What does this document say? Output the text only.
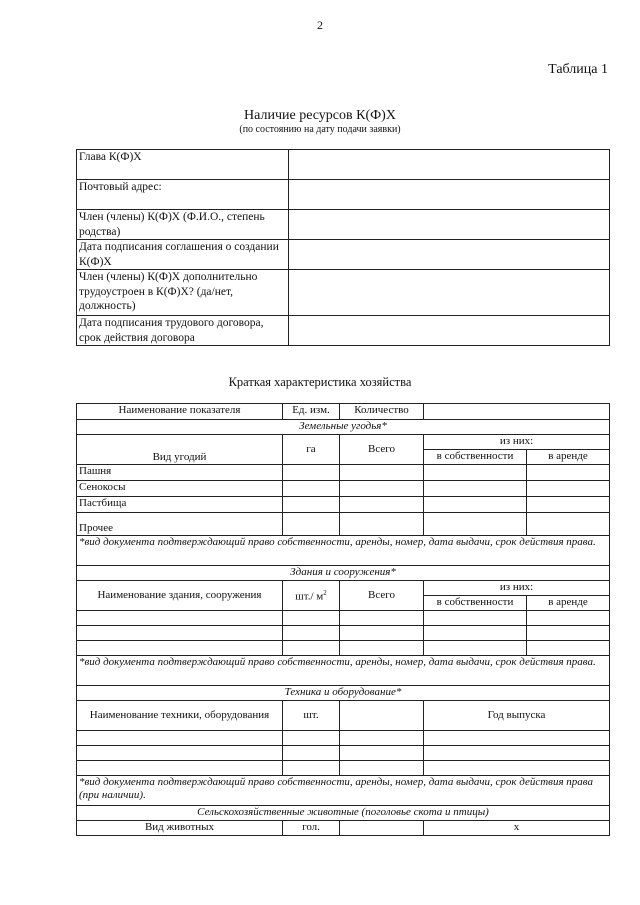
2
Таблица 1
Наличие ресурсов К(Ф)Х
(по состоянию на дату подачи заявки)
Глава К(Ф)Х	
Почтовый адрес:	
Член (члены) К(Ф)Х (Ф.И.О., степень родства)	
Дата подписания соглашения о создании К(Ф)Х	
Член (члены) К(Ф)Х дополнительно трудоустроен в К(Ф)Х? (да/нет, должность)	
Дата подписания трудового договора, срок действия договора	
Краткая характеристика хозяйства
Наименование показателя	Ед. изм.	Количество		
Земельные угодья*				
Вид угодий	га	Всего	из них:	
			в собственности	в аренде
Пашня				
Сенокосы				
Пастбища				
Прочее				
*вид документа подтверждающий право собственности, аренды, номер, дата выдачи, срок действия права.				
Здания и сооружения*				
Наименование здания, сооружения	шт./ $м^2$	Всего	из них:	
			в собственности	в аренде

*вид документа подтверждающий право собственности, аренды, номер, дата выдачи, срок действия права.				
Техника и оборудование*				
Наименование техники, оборудования	шт.		Год выпуска	

*вид документа подтверждающий право собственности, аренды, номер, дата выдачи, срок действия права (при наличии).				
Сельскохозяйственные животные (поголовье скота и птицы)				
Вид животных	гол.		х	
